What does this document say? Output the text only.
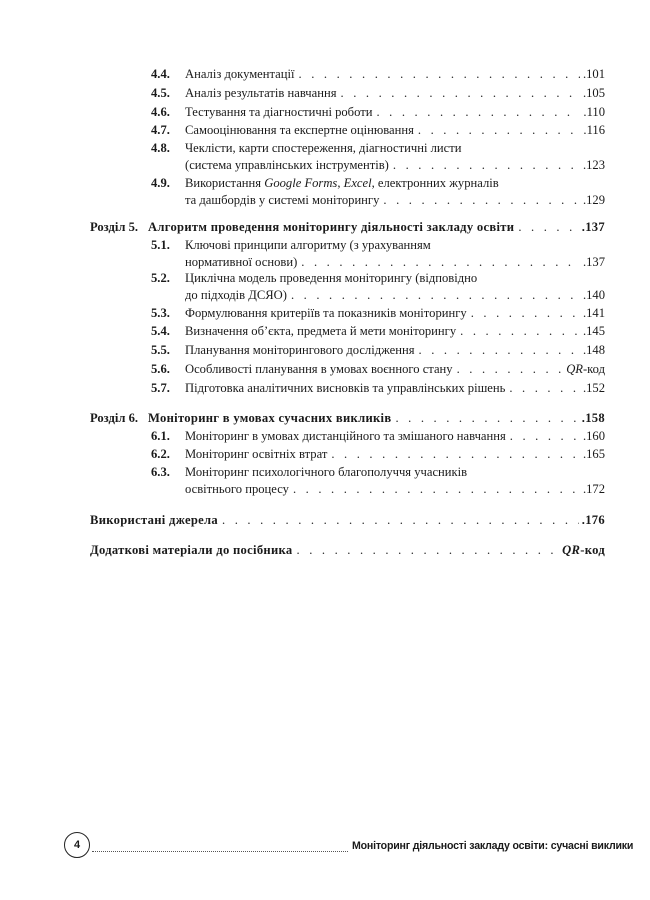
4.4.	Аналіз документації . . .	.101
4.5.	Аналіз результатів навчання . . .	.105
4.6.	Тестування та діагностичні роботи . . .	.110
4.7.	Самооцінювання та експертне оцінювання . . .	.116
4.8.	Чеклісти, карти спостереження, діагностичні листи
(система управлінських інструментів) . . .	.123
4.9.	Використання Google Forms, Excel, електронних журналів
та дашбордів у системі моніторингу . . .	.129
Розділ 5. Алгоритм проведення моніторингу діяльності закладу освіти . . .	.137
5.1.	Ключові принципи алгоритму (з урахуванням
нормативної основи) . . .	.137
5.2.	Циклічна модель проведення моніторингу (відповідно
до підходів ДСЯО) . . .	.140
5.3.	Формулювання критеріїв та показників моніторингу . . .	.141
5.4.	Визначення об’єкта, предмета й мети моніторингу . . .	.145
5.5.	Планування моніторингового дослідження . . .	.148
5.6.	Особливості планування в умовах воєнного стану . . .	QR-код
5.7.	Підготовка аналітичних висновків та управлінських рішень . . .	.152
Розділ 6. Моніторинг в умовах сучасних викликів . . .	.158
6.1.	Моніторинг в умовах дистанційного та змішаного навчання . . .	.160
6.2.	Моніторинг освітніх втрат . . .	.165
6.3.	Моніторинг психологічного благополуччя учасників
освітнього процесу . . .	.172
Використані джерела . . .	.176
Додаткові матеріали до посібника . . .	QR-код
4	Моніторинг діяльності закладу освіти: сучасні виклики
